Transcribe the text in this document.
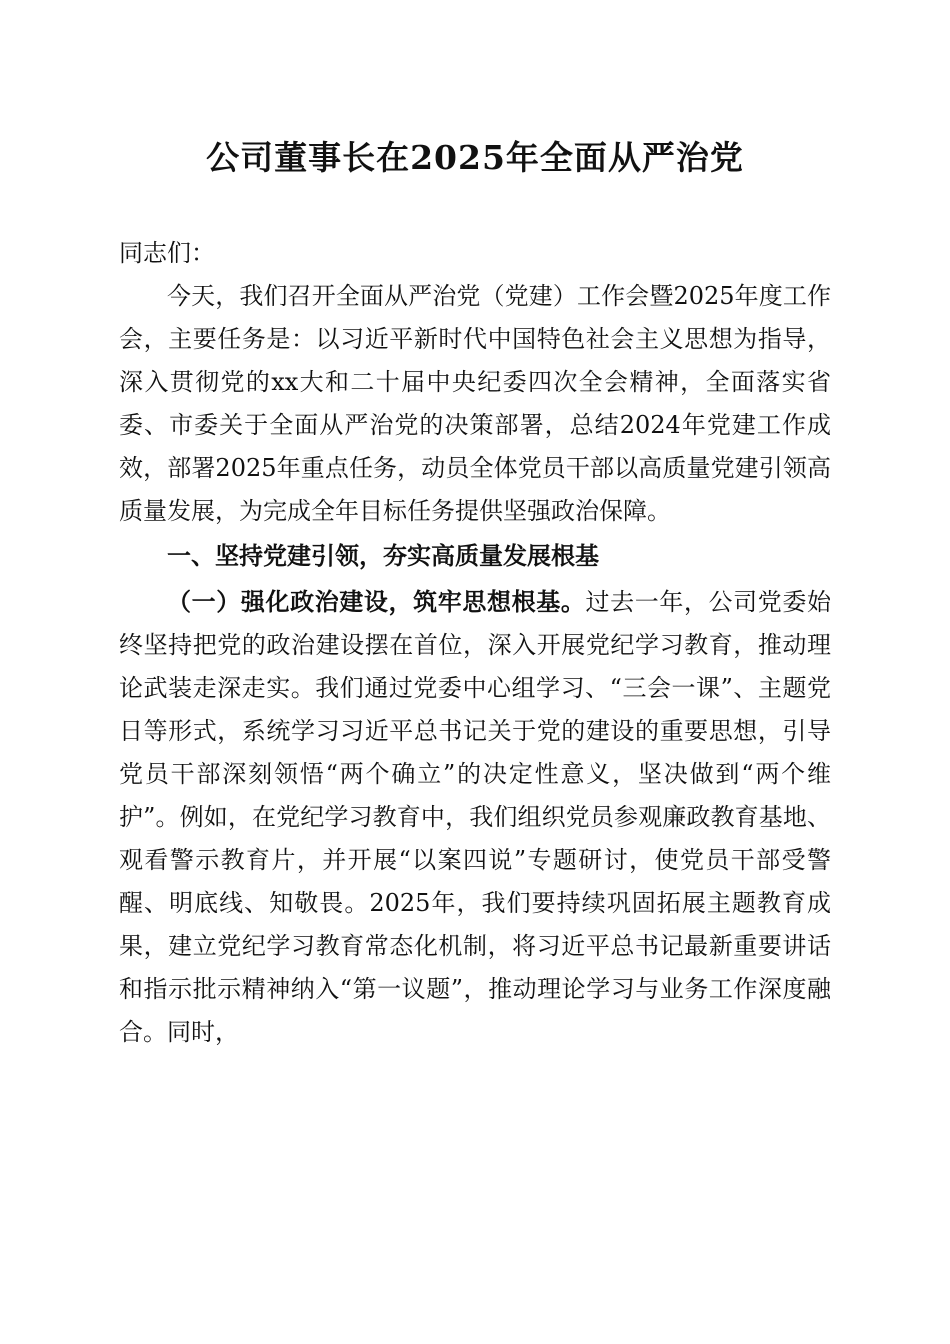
公司董事长在2025年全面从严治党

同志们：

今天，我们召开全面从严治党（党建）工作会暨2025年度工作会，主要任务是：以习近平新时代中国特色社会主义思想为指导，深入贯彻党的xx大和二十届中央纪委四次全会精神，全面落实省委、市委关于全面从严治党的决策部署，总结2024年党建工作成效，部署2025年重点任务，动员全体党员干部以高质量党建引领高质量发展，为完成全年目标任务提供坚强政治保障。

一、坚持党建引领，夯实高质量发展根基

（一）强化政治建设，筑牢思想根基。过去一年，公司党委始终坚持把党的政治建设摆在首位，深入开展党纪学习教育，推动理论武装走深走实。我们通过党委中心组学习、“三会一课”、主题党日等形式，系统学习习近平总书记关于党的建设的重要思想，引导党员干部深刻领悟“两个确立”的决定性意义，坚决做到“两个维护”。例如，在党纪学习教育中，我们组织党员参观廉政教育基地、观看警示教育片，并开展“以案四说”专题研讨，使党员干部受警醒、明底线、知敬畏。2025年，我们要持续巩固拓展主题教育成果，建立党纪学习教育常态化机制，将习近平总书记最新重要讲话和指示批示精神纳入“第一议题”，推动理论学习与业务工作深度融合。同时，
